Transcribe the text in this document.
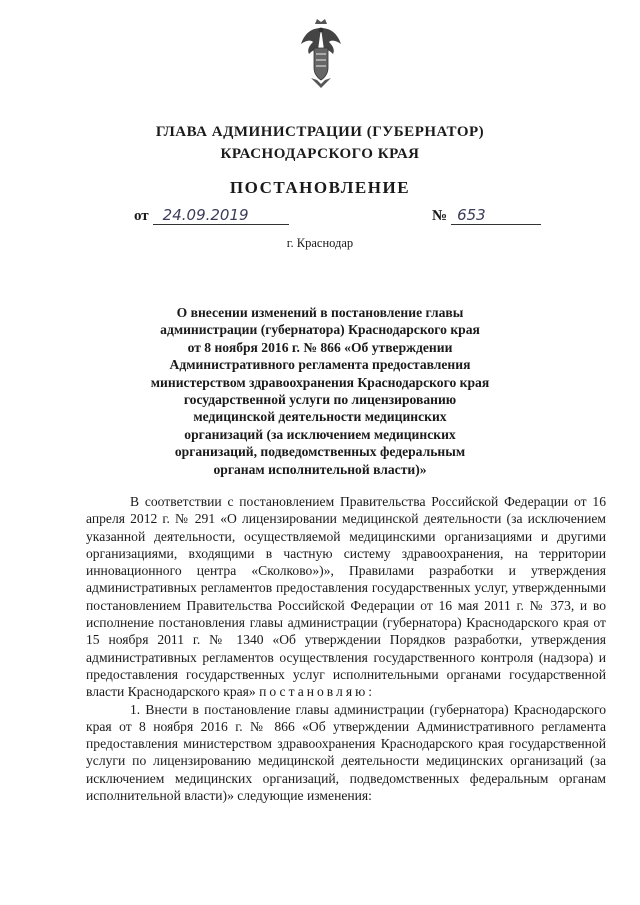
ГЛАВА АДМИНИСТРАЦИИ (ГУБЕРНАТОР)
КРАСНОДАРСКОГО КРАЯ
ПОСТАНОВЛЕНИЕ
от 24.09.2019	№ 653
г. Краснодар
О внесении изменений в постановление главы
администрации (губернатора) Краснодарского края
от 8 ноября 2016 г. № 866 «Об утверждении
Административного регламента предоставления
министерством здравоохранения Краснодарского края
государственной услуги по лицензированию
медицинской деятельности медицинских
организаций (за исключением медицинских
организаций, подведомственных федеральным
органам исполнительной власти)»

В соответствии с постановлением Правительства Российской Федерации от 16 апреля 2012 г. № 291 «О лицензировании медицинской деятельности (за исключением указанной деятельности, осуществляемой медицинскими организациями и другими организациями, входящими в частную систему здравоохранения, на территории инновационного центра «Сколково»)», Правилами разработки и утверждения административных регламентов предоставления государственных услуг, утвержденными постановлением Правительства Российской Федерации от 16 мая 2011 г. № 373, и во исполнение постановления главы администрации (губернатора) Краснодарского края от 15 ноября 2011 г. № 1340 «Об утверждении Порядков разработки, утверждения административных регламентов осуществления государственного контроля (надзора) и предоставления государственных услуг исполнительными органами государственной власти Краснодарского края» постановляю:

1. Внести в постановление главы администрации (губернатора) Краснодарского края от 8 ноября 2016 г. № 866 «Об утверждении Административного регламента предоставления министерством здравоохранения Краснодарского края государственной услуги по лицензированию медицинской деятельности медицинских организаций (за исключением медицинских организаций, подведомственных федеральным органам исполнительной власти)» следующие изменения:
